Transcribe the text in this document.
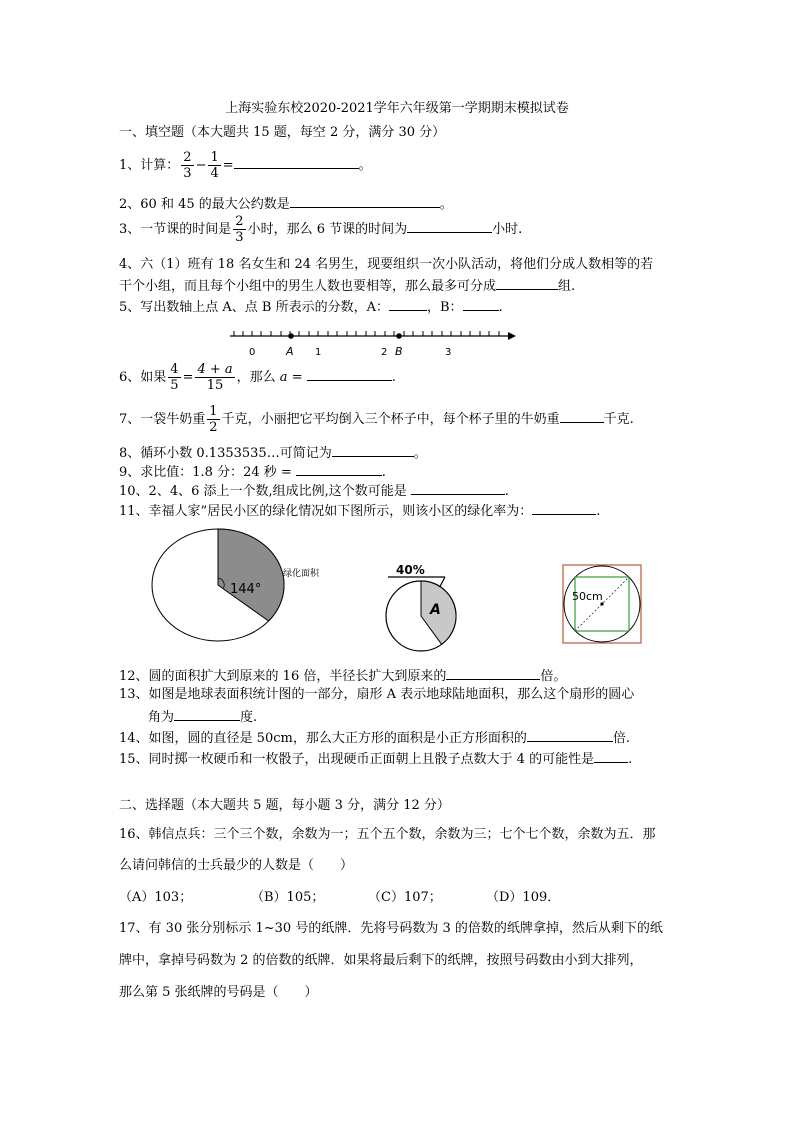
上海实验东校2020-2021学年六年级第一学期期末模拟试卷
一、填空题（本大题共 15 题，每空 2 分，满分 30 分）
1、计算： $\frac{2}{3} - \frac{1}{4}$ =	。
2、60 和 45 的最大公约数是	。
3、一节课的时间是 $\frac{2}{3}$ 小时，那么 6 节课的时间为	小时.
4、六（1）班有 18 名女生和 24 名男生，现要组织一次小队活动，将他们分成人数相等的若
干个小组，而且每个小组中的男生人数也要相等，那么最多可分成	组.
5、写出数轴上点 A、点 B 所表示的分数，A：	，B：	.
0	A 1	2 B	3
6、如果 $\frac{4}{5} = \frac{4 + a}{15}$ ，那么 a =	.
7、一袋牛奶重 $\frac{1}{2}$ 千克，小丽把它平均倒入三个杯子中，每个杯子里的牛奶重	千克.
8、循环小数 0.1353535…可简记为	。
9、求比值：1.8 分：24 秒 =	.
10、2、4、6 添上一个数,组成比例,这个数可能是	.
11、幸福人家”居民小区的绿化情况如下图所示，则该小区的绿化率为：	.
144°
绿化面积	40%
A
50cm
12、圆的面积扩大到原来的 16 倍，半径长扩大到原来的	倍。
13、如图是地球表面积统计图的一部分，扇形 A 表示地球陆地面积，那么这个扇形的圆心
角为	度.
14、如图，圆的直径是 50cm，那么大正方形的面积是小正方形面积的	倍.
15、同时掷一枚硬币和一枚骰子，出现硬币正面朝上且骰子点数大于 4 的可能性是	.
二、选择题（本大题共 5 题，每小题 3 分，满分 12 分）
16、韩信点兵：三个三个数，余数为一；五个五个数，余数为三；七个七个数，余数为五．那
么请问韩信的士兵最少的人数是（　　）
（A）103；	（B）105；	（C）107；	（D）109．
17、有 30 张分别标示 1~30 号的纸牌．先将号码数为 3 的倍数的纸牌拿掉，然后从剩下的纸
牌中，拿掉号码数为 2 的倍数的纸牌．如果将最后剩下的纸牌，按照号码数由小到大排列，
那么第 5 张纸牌的号码是（　　）
